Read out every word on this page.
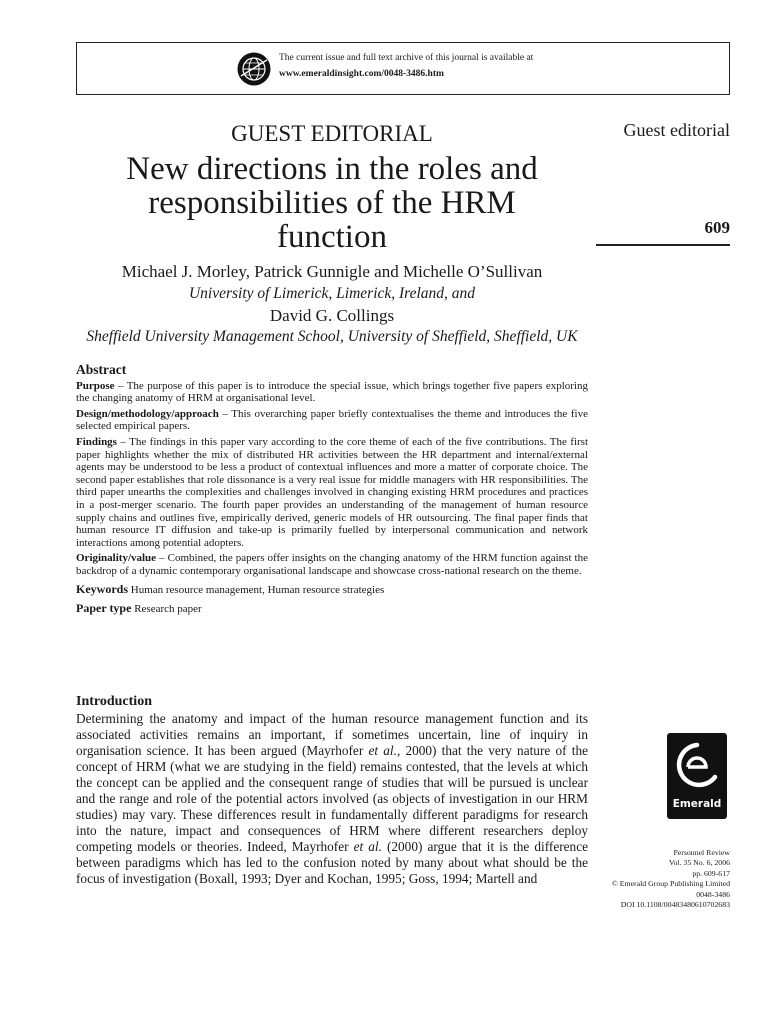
The current issue and full text archive of this journal is available at
www.emeraldinsight.com/0048-3486.htm
Guest editorial
609
GUEST EDITORIAL
New directions in the roles and
responsibilities of the HRM
function
Michael J. Morley, Patrick Gunnigle and Michelle O’Sullivan
University of Limerick, Limerick, Ireland, and
David G. Collings
Sheffield University Management School, University of Sheffield, Sheffield, UK
Abstract

Purpose – The purpose of this paper is to introduce the special issue, which brings together five papers exploring the changing anatomy of HRM at organisational level.

Design/methodology/approach – This overarching paper briefly contextualises the theme and introduces the five selected empirical papers.

Findings – The findings in this paper vary according to the core theme of each of the five contributions. The first paper highlights whether the mix of distributed HR activities between the HR department and internal/external agents may be understood to be less a product of contextual influences and more a matter of corporate choice. The second paper establishes that role dissonance is a very real issue for middle managers with HR responsibilities. The third paper unearths the complexities and challenges involved in changing existing HRM procedures and practices in a post-merger scenario. The fourth paper provides an understanding of the management of human resource supply chains and outlines five, empirically derived, generic models of HR outsourcing. The final paper finds that human resource IT diffusion and take-up is primarily fuelled by interpersonal communication and network interactions among potential adopters.

Originality/value – Combined, the papers offer insights on the changing anatomy of the HRM function against the backdrop of a dynamic contemporary organisational landscape and showcase cross-national research on the theme.

Keywords Human resource management, Human resource strategies

Paper type Research paper

Introduction

Determining the anatomy and impact of the human resource management function and its associated activities remains an important, if sometimes uncertain, line of inquiry in organisation science. It has been argued (Mayrhofer et al., 2000) that the very nature of the concept of HRM (what we are studying in the field) remains contested, that the levels at which the concept can be applied and the consequent range of studies that will be pursued is unclear and the range and role of the potential actors involved (as objects of investigation in our HRM studies) may vary. These differences result in fundamentally different paradigms for research into the nature, impact and consequences of HRM where different researchers deploy competing models or theories. Indeed, Mayrhofer et al. (2000) argue that it is the difference between paradigms which has led to the confusion noted by many about what should be the focus of investigation (Boxall, 1993; Dyer and Kochan, 1995; Goss, 1994; Martell and

Emerald
Personnel Review
Vol. 35 No. 6, 2006
pp. 609-617
© Emerald Group Publishing Limited
0048-3486
DOI 10.1108/00483480610702683
